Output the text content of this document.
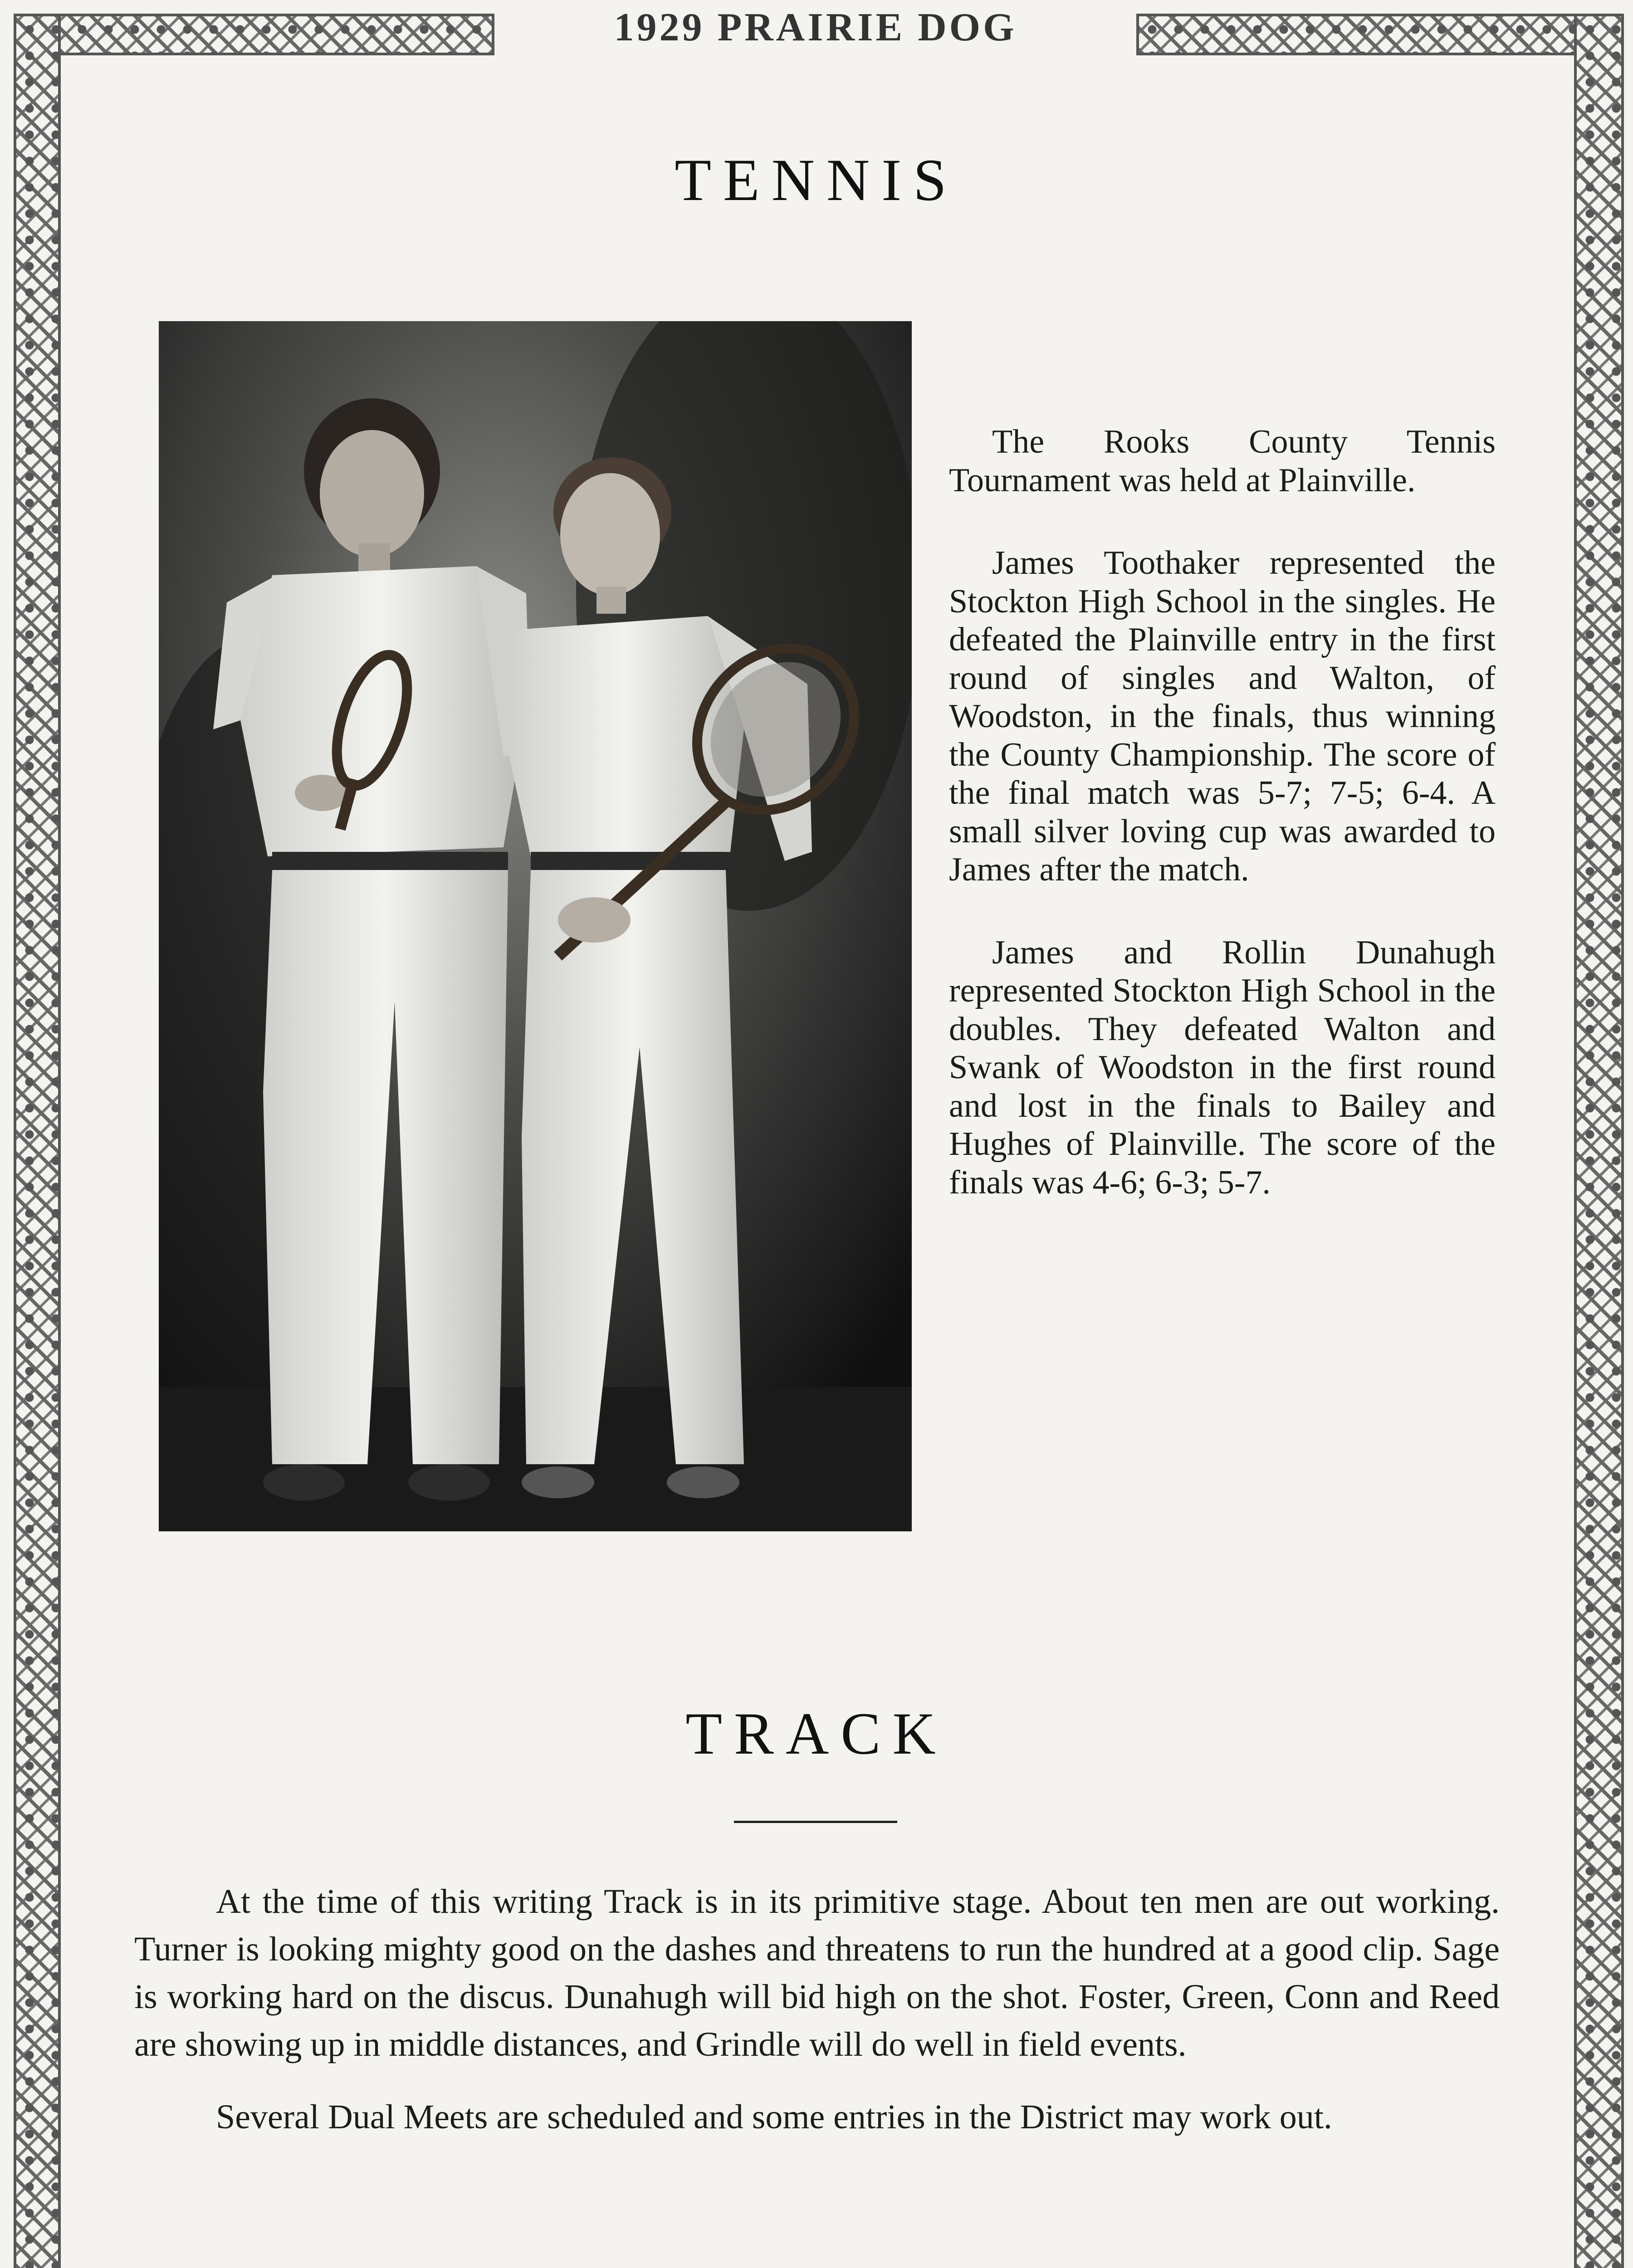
1929 PRAIRIE DOG
TENNIS

The Rooks County Tennis Tournament was held at Plainville.

James Toothaker represented the Stockton High School in the singles. He defeated the Plainville entry in the first round of singles and Walton, of Woodston, in the finals, thus winning the County Championship. The score of the final match was 5-7; 7-5; 6-4. A small silver loving cup was awarded to James after the match.

James and Rollin Dunahugh represented Stockton High School in the doubles. They defeated Walton and Swank of Woodston in the first round and lost in the finals to Bailey and Hughes of Plainville. The score of the finals was 4-6; 6-3; 5-7.

TRACK

At the time of this writing Track is in its primitive stage. About ten men are out working. Turner is looking mighty good on the dashes and threatens to run the hundred at a good clip. Sage is working hard on the discus. Dunahugh will bid high on the shot. Foster, Green, Conn and Reed are showing up in middle distances, and Grindle will do well in field events.

Several Dual Meets are scheduled and some entries in the District may work out.
